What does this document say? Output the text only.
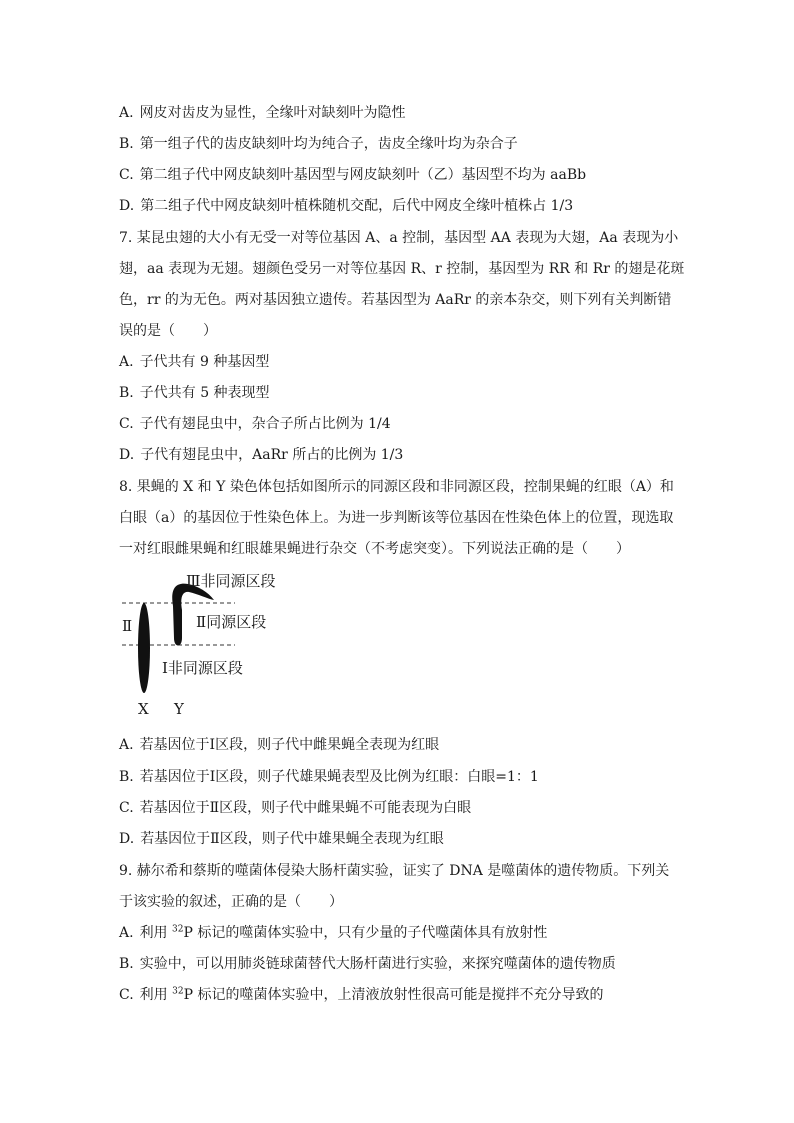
A. 网皮对齿皮为显性，全缘叶对缺刻叶为隐性
B. 第一组子代的齿皮缺刻叶均为纯合子，齿皮全缘叶均为杂合子
C. 第二组子代中网皮缺刻叶基因型与网皮缺刻叶（乙）基因型不均为 aaBb
D. 第二组子代中网皮缺刻叶植株随机交配，后代中网皮全缘叶植株占 1/3
7. 某昆虫翅的大小有无受一对等位基因 A、a 控制，基因型 AA 表现为大翅，Aa 表现为小
翅，aa 表现为无翅。翅颜色受另一对等位基因 R、r 控制，基因型为 RR 和 Rr 的翅是花斑
色，rr 的为无色。两对基因独立遗传。若基因型为 AaRr 的亲本杂交，则下列有关判断错
误的是（　　）
A. 子代共有 9 种基因型
B. 子代共有 5 种表现型
C. 子代有翅昆虫中，杂合子所占比例为 1/4
D. 子代有翅昆虫中，AaRr 所占的比例为 1/3
8. 果蝇的 X 和 Y 染色体包括如图所示的同源区段和非同源区段，控制果蝇的红眼（A）和
白眼（a）的基因位于性染色体上。为进一步判断该等位基因在性染色体上的位置，现选取
一对红眼雌果蝇和红眼雄果蝇进行杂交（不考虑突变）。下列说法正确的是（　　）
Ⅲ非同源区段
Ⅱ	Ⅱ同源区段
Ⅰ非同源区段
X Y
A. 若基因位于Ⅰ区段，则子代中雌果蝇全表现为红眼
B. 若基因位于Ⅰ区段，则子代雄果蝇表型及比例为红眼：白眼=1：1
C. 若基因位于Ⅱ区段，则子代中雌果蝇不可能表现为白眼
D. 若基因位于Ⅱ区段，则子代中雄果蝇全表现为红眼
9. 赫尔希和蔡斯的噬菌体侵染大肠杆菌实验，证实了 DNA 是噬菌体的遗传物质。下列关
于该实验的叙述，正确的是（　　）
A. 利用 $^{32}$P 标记的噬菌体实验中，只有少量的子代噬菌体具有放射性
B. 实验中，可以用肺炎链球菌替代大肠杆菌进行实验，来探究噬菌体的遗传物质
C. 利用 $^{32}$P 标记的噬菌体实验中，上清液放射性很高可能是搅拌不充分导致的
